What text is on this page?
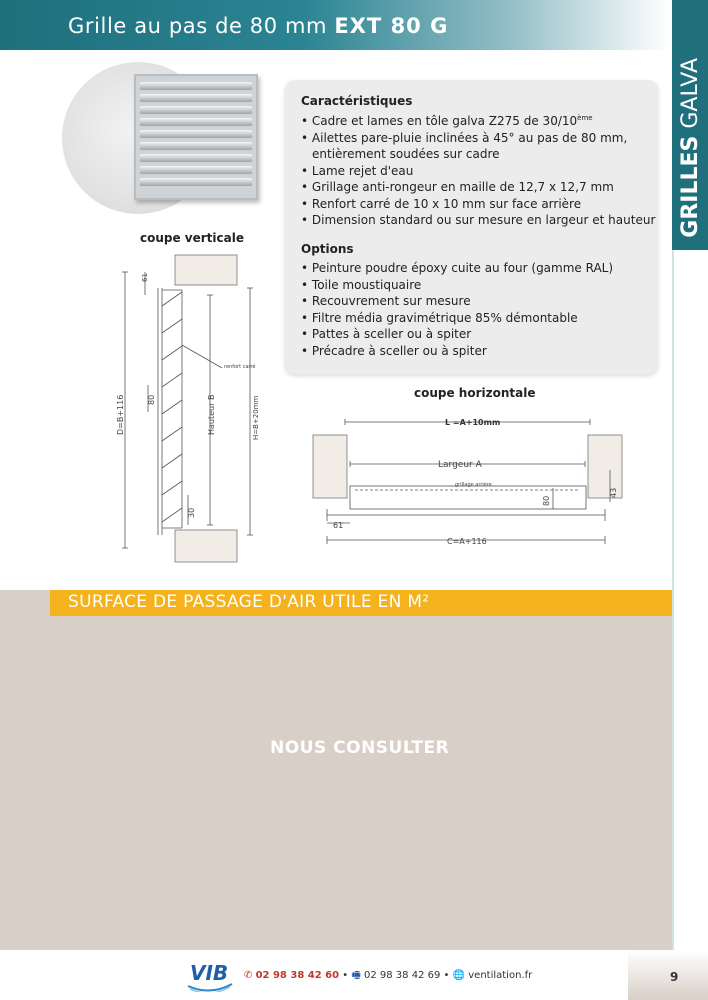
Grille au pas de 80 mm EXT 80 G
GRILLES GALVA
Caractéristiques
• Cadre et lames en tôle galva Z275 de 30/10ème
• Ailettes pare-pluie inclinées à 45° au pas de 80 mm, entièrement soudées sur cadre
• Lame rejet d'eau
• Grillage anti-rongeur en maille de 12,7 x 12,7 mm
• Renfort carré de 10 x 10 mm sur face arrière
• Dimension standard ou sur mesure en largeur et hauteur
Options
• Peinture poudre époxy cuite au four (gamme RAL)
• Toile moustiquaire
• Recouvrement sur mesure
• Filtre média gravimétrique 85% démontable
• Pattes à sceller ou à spiter
• Précadre à sceller ou à spiter
coupe verticale
coupe horizontale
61
80
30
D=B+116	Hauteur B	H=B+20mm
renfort carré
L =A+10mm
Largeur A
grillage arrière
80
43
61
C=A+116
SURFACE DE PASSAGE D'AIR UTILE EN M²
NOUS CONSULTER
VIB ✆ 02 98 38 42 60 • 🖷 02 98 38 42 69 • 🌐 ventilation.fr	9
